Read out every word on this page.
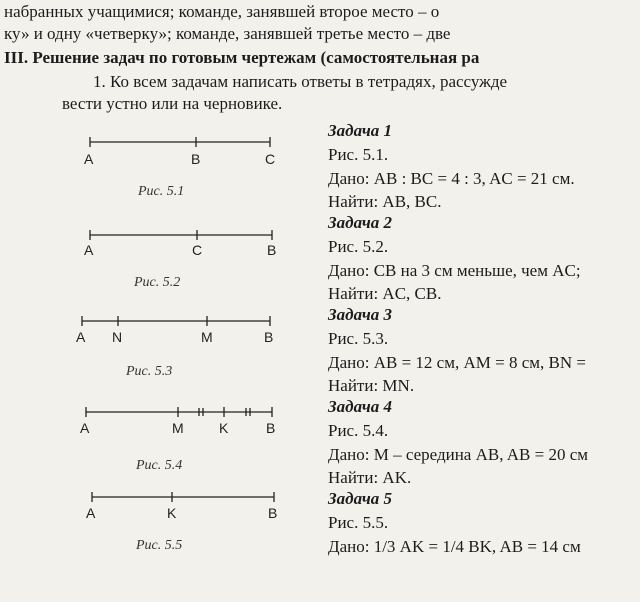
набранных учащимися; команде, занявшей второе место – о
ку» и одну «четверку»; команде, занявшей третье место – две
III. Решение задач по готовым чертежам (самостоятельная ра
1. Ко всем задачам написать ответы в тетрадях, рассужде
вести устно или на черновике.
Задача 1
Рис. 5.1.
Дано: AB : BC = 4 : 3, AC = 21 см.
Найти: AB, BC.
Задача 2
Рис. 5.2.
Дано: CB на 3 см меньше, чем AC;
Найти: AC, CB.
Задача 3
Рис. 5.3.
Дано: AB = 12 см, AM = 8 см, BN =
Найти: MN.
Задача 4
Рис. 5.4.
Дано: M – середина AB, AB = 20 см
Найти: AK.
Задача 5
Рис. 5.5.
Дано: 1/3 AK = 1/4 BK, AB = 14 см
Рис. 5.1
Рис. 5.2
Рис. 5.3
Рис. 5.4
Рис. 5.5
A	B	C
A	C	B
A N	M	B
A	M	K	B
A	K	B
